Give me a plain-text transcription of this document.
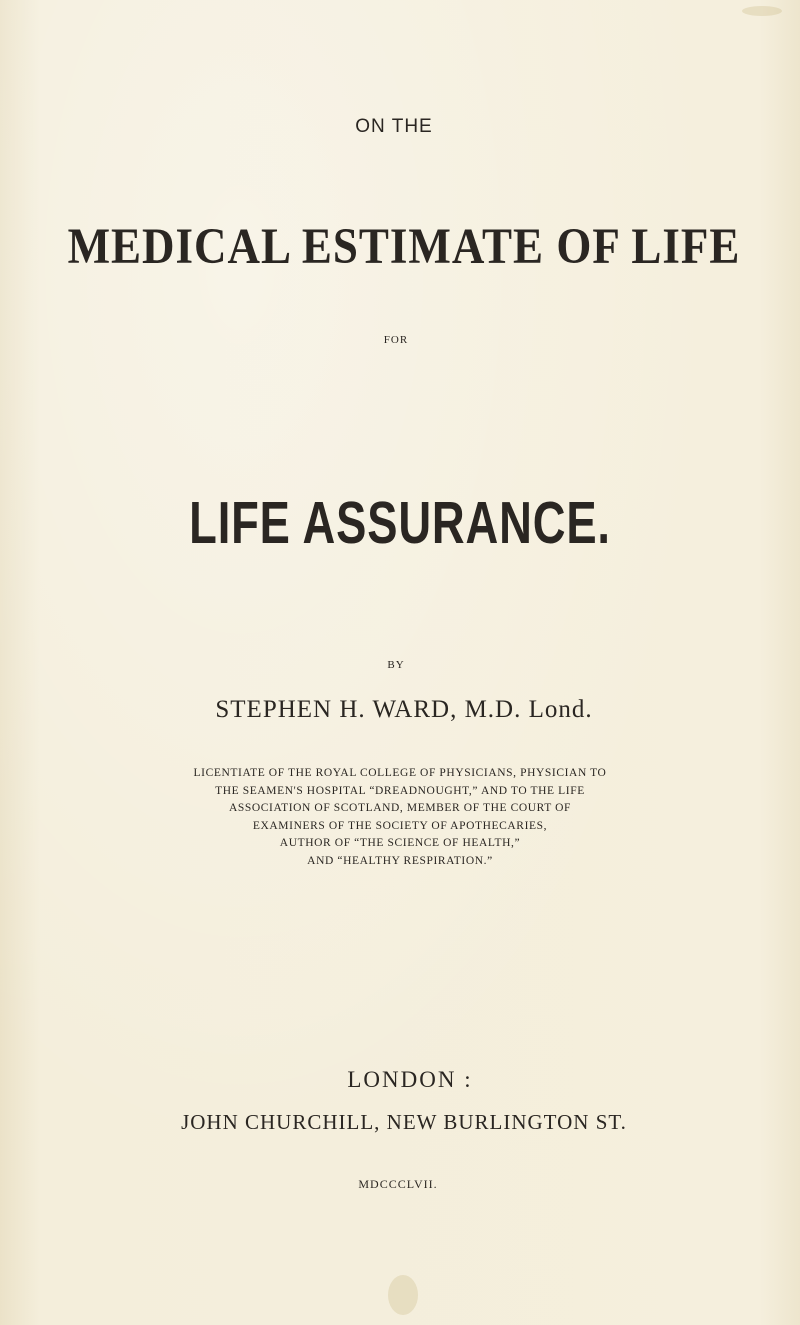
ON THE
MEDICAL ESTIMATE OF LIFE
FOR
LIFE ASSURANCE.
BY
STEPHEN H. WARD, M.D. Lond.
LICENTIATE OF THE ROYAL COLLEGE OF PHYSICIANS, PHYSICIAN TO
THE SEAMEN'S HOSPITAL “DREADNOUGHT,” AND TO THE LIFE
ASSOCIATION OF SCOTLAND, MEMBER OF THE COURT OF
EXAMINERS OF THE SOCIETY OF APOTHECARIES,
AUTHOR OF “THE SCIENCE OF HEALTH,”
AND “HEALTHY RESPIRATION.”
LONDON :
JOHN CHURCHILL, NEW BURLINGTON ST.
MDCCCLVII.
